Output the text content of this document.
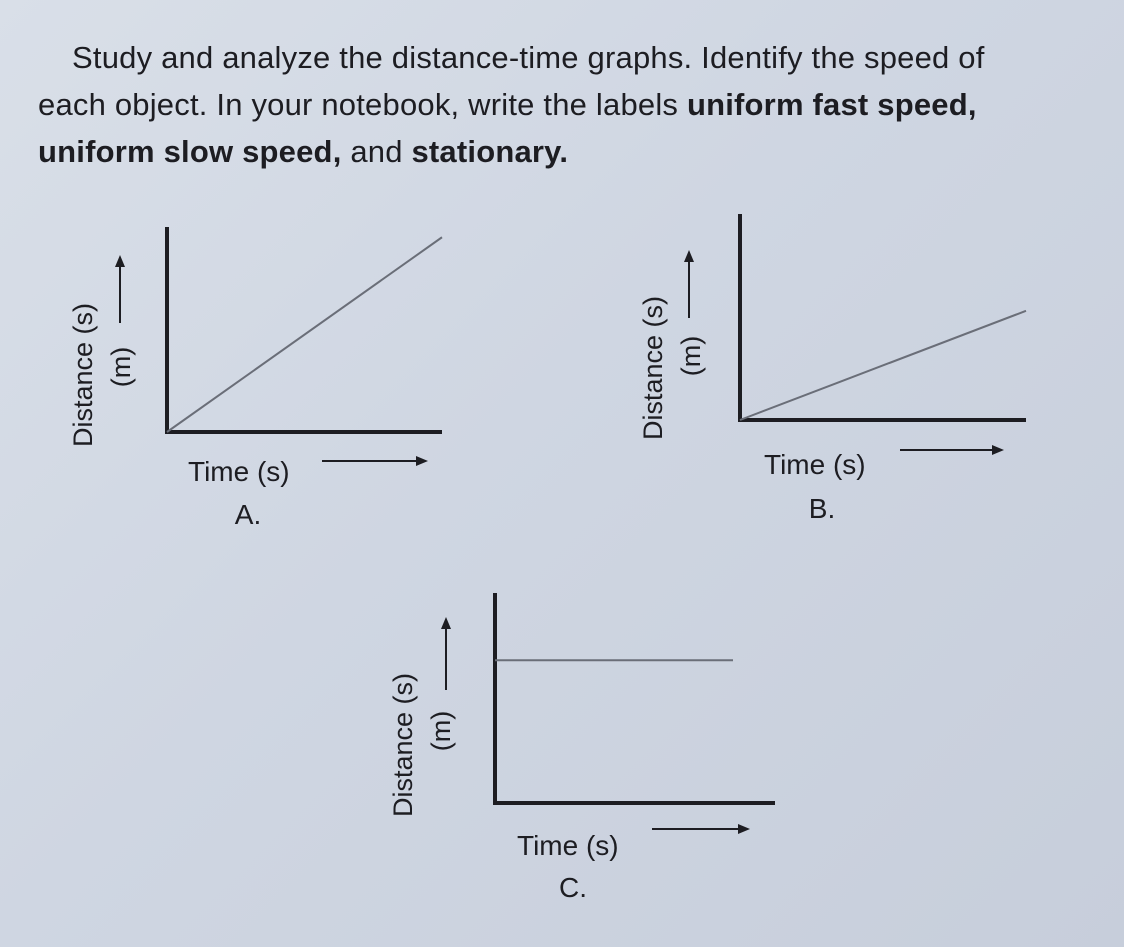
Study and analyze the distance-time graphs. Identify the speed of
each object. In your notebook, write the labels uniform fast speed,
uniform slow speed, and stationary.
Distance (s) (m)
Time (s)
A.
Distance (s) (m)
Time (s)
B.
Distance (s) (m)
Time (s)
C.
